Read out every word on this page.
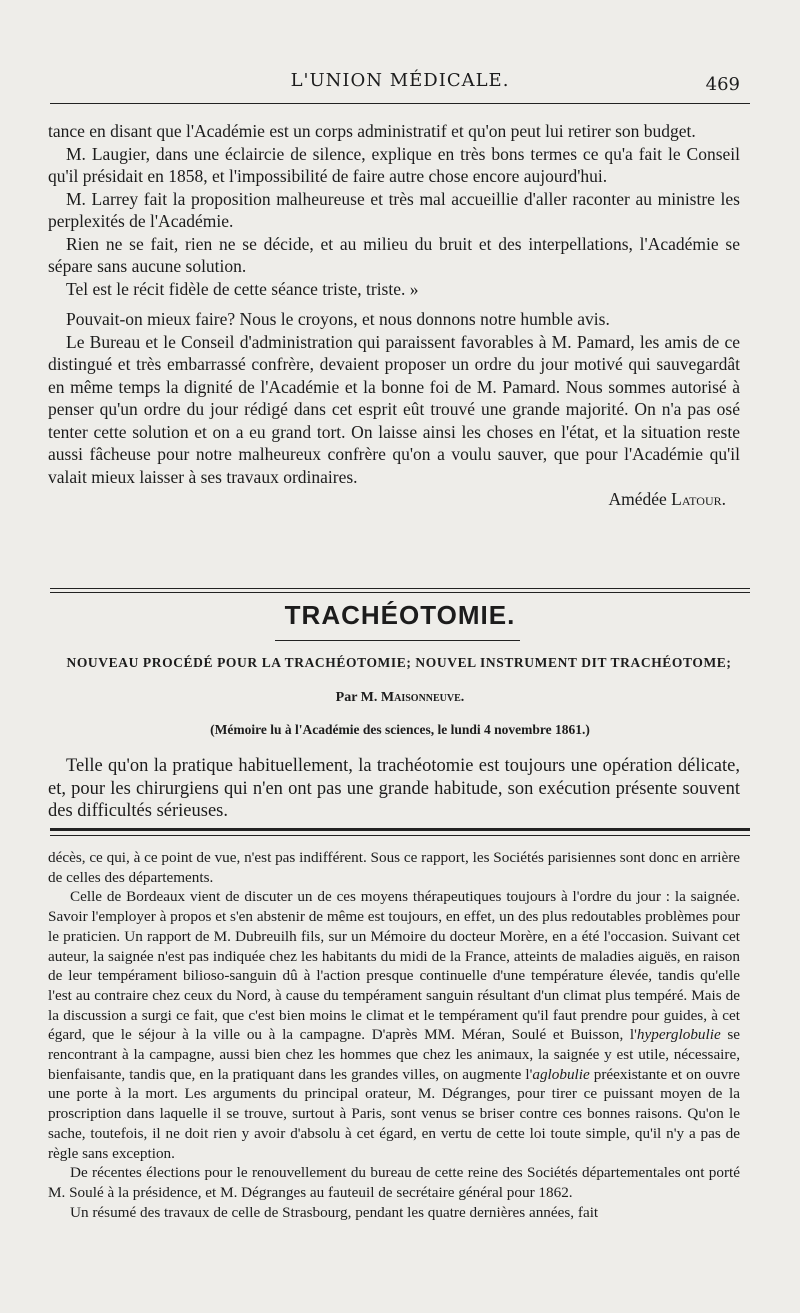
L'UNION MÉDICALE.	469

tance en disant que l'Académie est un corps administratif et qu'on peut lui retirer son budget.

M. Laugier, dans une éclaircie de silence, explique en très bons termes ce qu'a fait le Conseil qu'il présidait en 1858, et l'impossibilité de faire autre chose encore aujourd'hui.

M. Larrey fait la proposition malheureuse et très mal accueillie d'aller raconter au ministre les perplexités de l'Académie.

Rien ne se fait, rien ne se décide, et au milieu du bruit et des interpellations, l'Académie se sépare sans aucune solution.

Tel est le récit fidèle de cette séance triste, triste. »

Pouvait-on mieux faire? Nous le croyons, et nous donnons notre humble avis.

Le Bureau et le Conseil d'administration qui paraissent favorables à M. Pamard, les amis de ce distingué et très embarrassé confrère, devaient proposer un ordre du jour motivé qui sauvegardât en même temps la dignité de l'Académie et la bonne foi de M. Pamard. Nous sommes autorisé à penser qu'un ordre du jour rédigé dans cet esprit eût trouvé une grande majorité. On n'a pas osé tenter cette solution et on a eu grand tort. On laisse ainsi les choses en l'état, et la situation reste aussi fâcheuse pour notre malheureux confrère qu'on a voulu sauver, que pour l'Académie qu'il valait mieux laisser à ses travaux ordinaires.

Amédée Latour.

TRACHÉOTOMIE.
NOUVEAU PROCÉDÉ POUR LA TRACHÉOTOMIE; NOUVEL INSTRUMENT DIT TRACHÉOTOME;
Par M. Maisonneuve.
(Mémoire lu à l'Académie des sciences, le lundi 4 novembre 1861.)

Telle qu'on la pratique habituellement, la trachéotomie est toujours une opération délicate, et, pour les chirurgiens qui n'en ont pas une grande habitude, son exécution présente souvent des difficultés sérieuses.

décès, ce qui, à ce point de vue, n'est pas indifférent. Sous ce rapport, les Sociétés parisiennes sont donc en arrière de celles des départements.

Celle de Bordeaux vient de discuter un de ces moyens thérapeutiques toujours à l'ordre du jour : la saignée. Savoir l'employer à propos et s'en abstenir de même est toujours, en effet, un des plus redoutables problèmes pour le praticien. Un rapport de M. Dubreuilh fils, sur un Mémoire du docteur Morère, en a été l'occasion. Suivant cet auteur, la saignée n'est pas indiquée chez les habitants du midi de la France, atteints de maladies aiguës, en raison de leur tempérament bilioso-sanguin dû à l'action presque continuelle d'une température élevée, tandis qu'elle l'est au contraire chez ceux du Nord, à cause du tempérament sanguin résultant d'un climat plus tempéré. Mais de la discussion a surgi ce fait, que c'est bien moins le climat et le tempérament qu'il faut prendre pour guides, à cet égard, que le séjour à la ville ou à la campagne. D'après MM. Méran, Soulé et Buisson, l'hyperglobulie se rencontrant à la campagne, aussi bien chez les hommes que chez les animaux, la saignée y est utile, nécessaire, bienfaisante, tandis que, en la pratiquant dans les grandes villes, on augmente l'aglobulie préexistante et on ouvre une porte à la mort. Les arguments du principal orateur, M. Dégranges, pour tirer ce puissant moyen de la proscription dans laquelle il se trouve, surtout à Paris, sont venus se briser contre ces bonnes raisons. Qu'on le sache, toutefois, il ne doit rien y avoir d'absolu à cet égard, en vertu de cette loi toute simple, qu'il n'y a pas de règle sans exception.

De récentes élections pour le renouvellement du bureau de cette reine des Sociétés départementales ont porté M. Soulé à la présidence, et M. Dégranges au fauteuil de secrétaire général pour 1862.

Un résumé des travaux de celle de Strasbourg, pendant les quatre dernières années, fait
